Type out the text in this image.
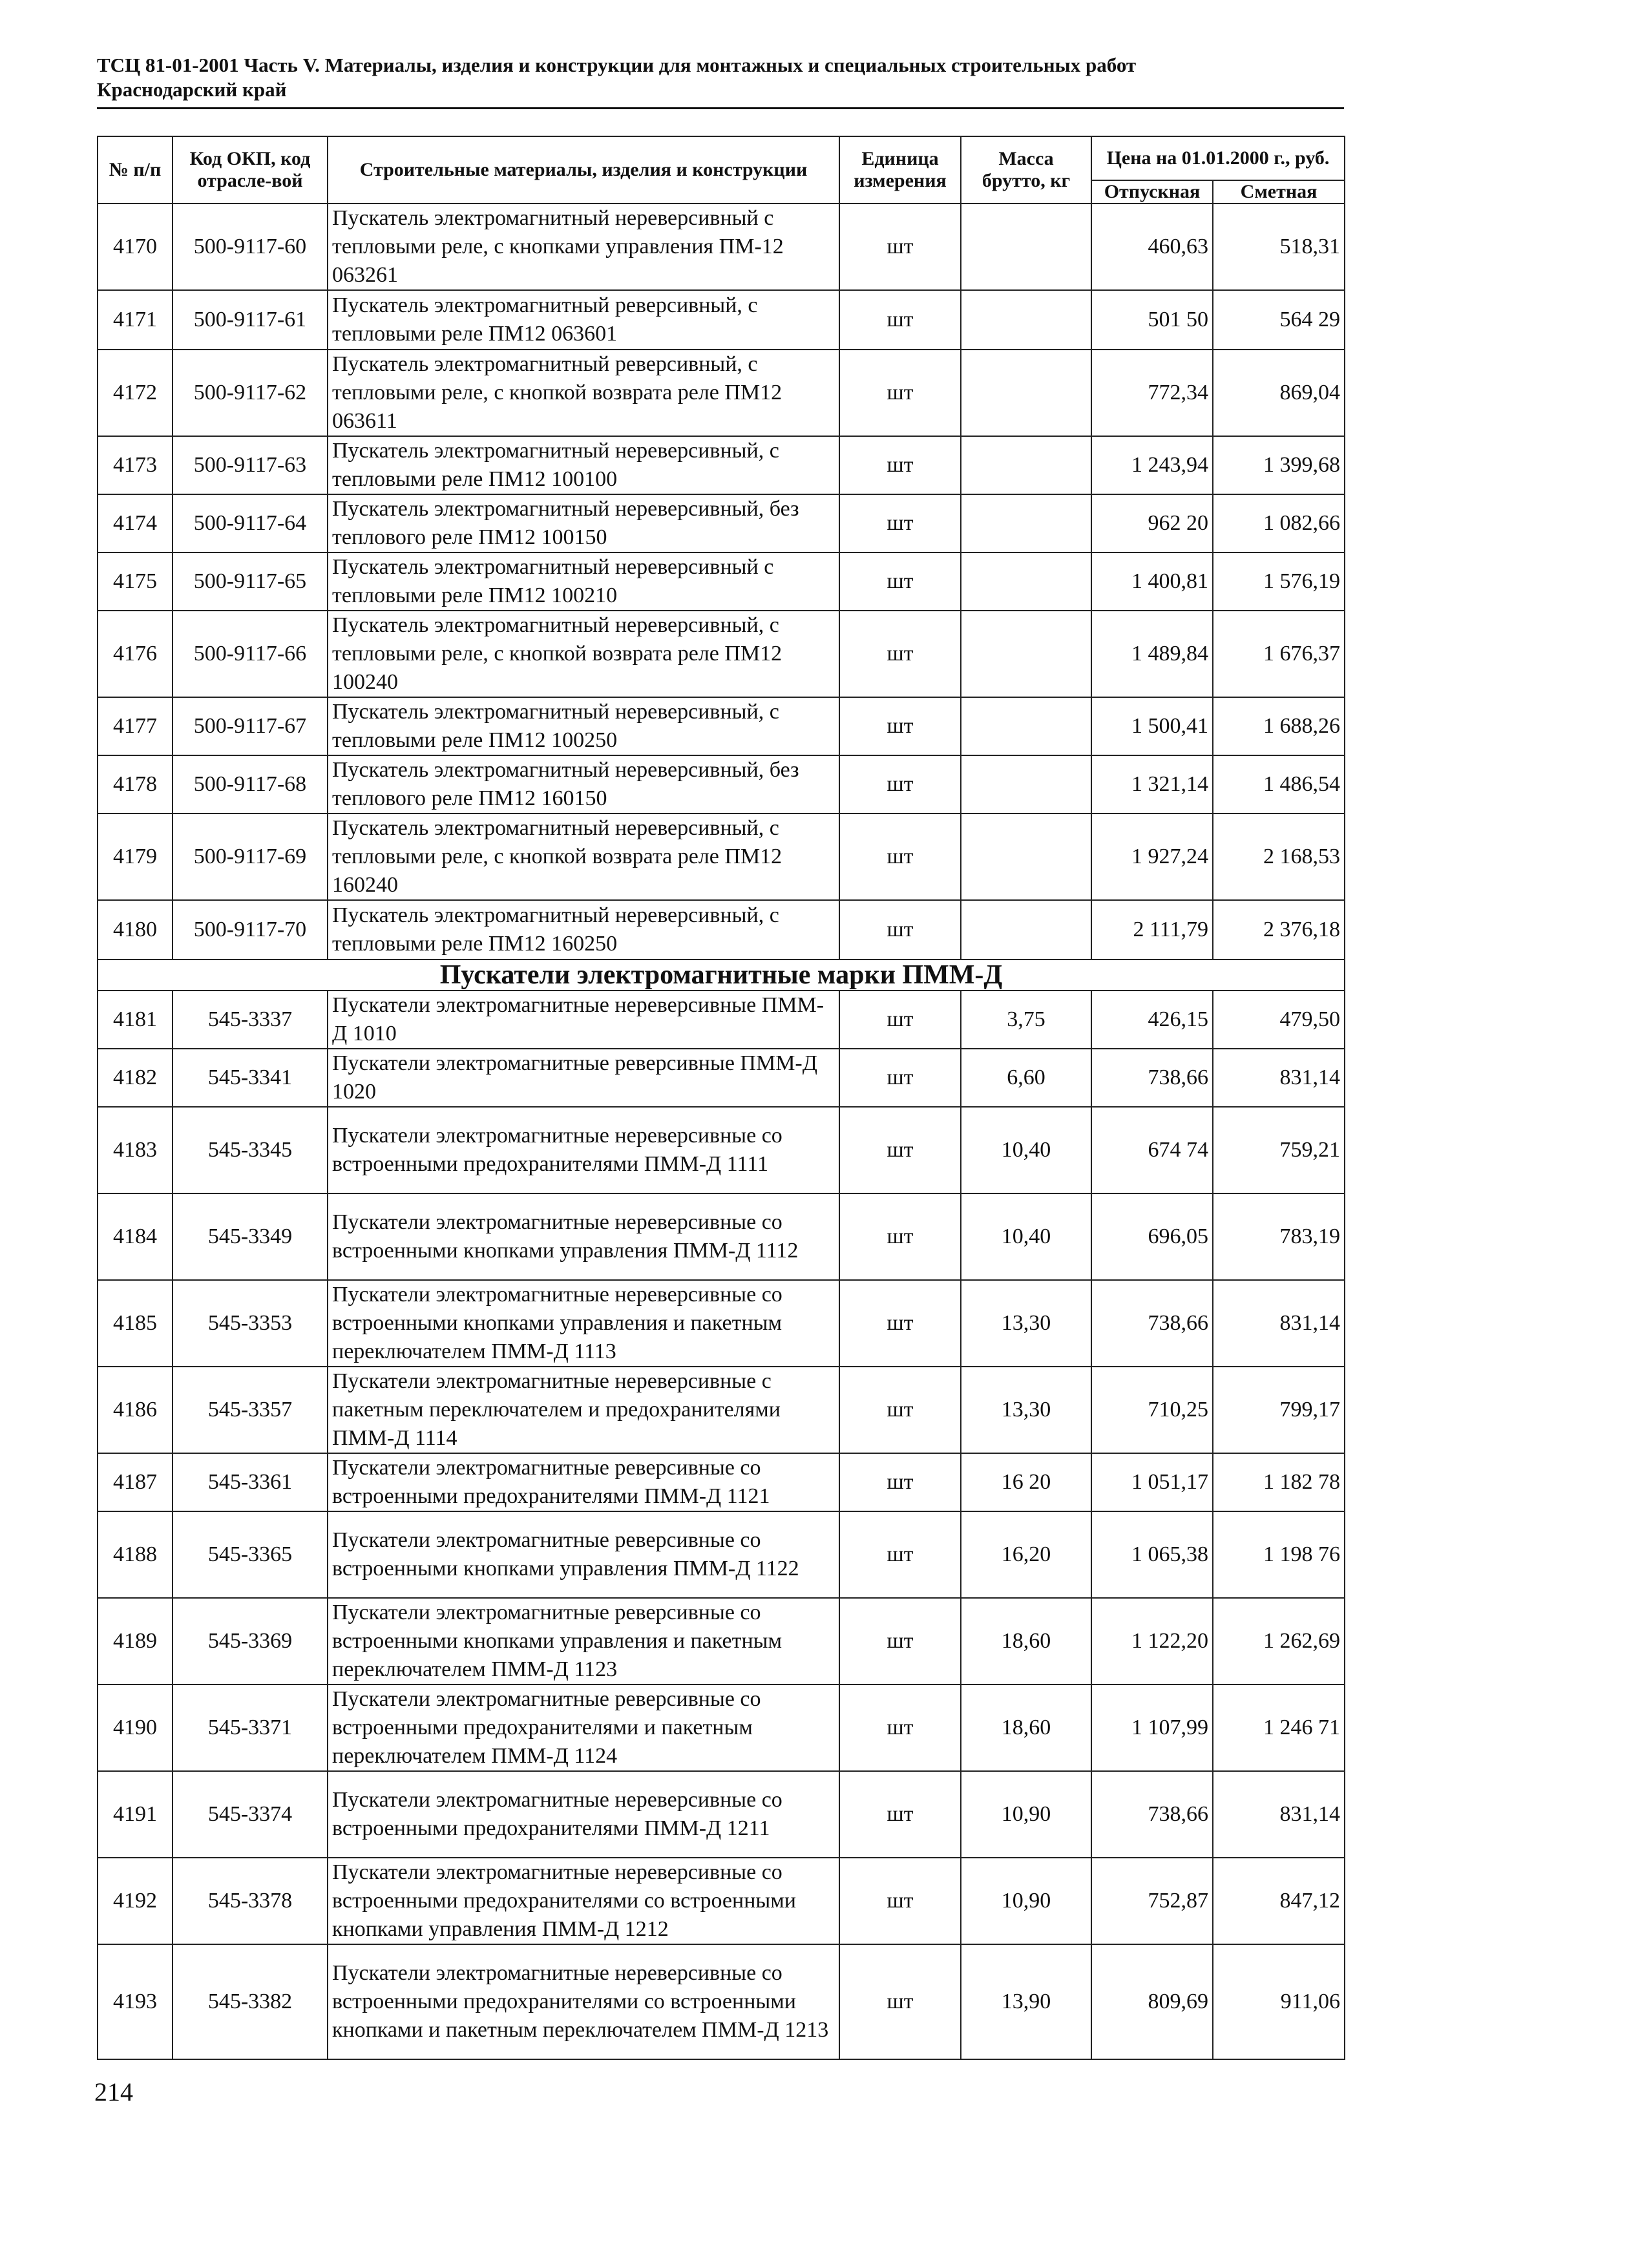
ТСЦ 81-01-2001 Часть V. Материалы, изделия и конструкции для монтажных и специальных строительных работ
Краснодарский край
№ п/п	Код ОКП, код отрасле-вой	Строительные материалы, изделия и конструкции	Единица измерения	Масса брутто, кг	Цена на 01.01.2000 г., руб.	
					Отпускная	Сметная
4170	500-9117-60	Пускатель электромагнитный нереверсивный с тепловыми реле, с кнопками управления ПМ-12 063261	шт		460,63	518,31
4171	500-9117-61	Пускатель электромагнитный реверсивный, с тепловыми реле ПМ12 063601	шт		501 50	564 29
4172	500-9117-62	Пускатель электромагнитный реверсивный, с тепловыми реле, с кнопкой возврата реле ПМ12 063611	шт		772,34	869,04
4173	500-9117-63	Пускатель электромагнитный нереверсивный, с тепловыми реле ПМ12 100100	шт		1 243,94	1 399,68
4174	500-9117-64	Пускатель электромагнитный нереверсивный, без теплового реле ПМ12 100150	шт		962 20	1 082,66
4175	500-9117-65	Пускатель электромагнитный нереверсивный с тепловыми реле ПМ12 100210	шт		1 400,81	1 576,19
4176	500-9117-66	Пускатель электромагнитный нереверсивный, с тепловыми реле, с кнопкой возврата реле ПМ12 100240	шт		1 489,84	1 676,37
4177	500-9117-67	Пускатель электромагнитный нереверсивный, с тепловыми реле ПМ12 100250	шт		1 500,41	1 688,26
4178	500-9117-68	Пускатель электромагнитный нереверсивный, без теплового реле ПМ12 160150	шт		1 321,14	1 486,54
4179	500-9117-69	Пускатель электромагнитный нереверсивный, с тепловыми реле, с кнопкой возврата реле ПМ12 160240	шт		1 927,24	2 168,53
4180	500-9117-70	Пускатель электромагнитный нереверсивный, с тепловыми реле ПМ12 160250	шт		2 111,79	2 376,18
Пускатели электромагнитные марки ПММ-Д						
4181	545-3337	Пускатели электромагнитные нереверсивные ПММ-Д 1010	шт	3,75	426,15	479,50
4182	545-3341	Пускатели электромагнитные реверсивные ПММ-Д 1020	шт	6,60	738,66	831,14
4183	545-3345	Пускатели электромагнитные нереверсивные со встроенными предохранителями ПММ-Д 1111	шт	10,40	674 74	759,21
4184	545-3349	Пускатели электромагнитные нереверсивные со встроенными кнопками управления ПММ-Д 1112	шт	10,40	696,05	783,19
4185	545-3353	Пускатели электромагнитные нереверсивные со встроенными кнопками управления и пакетным переключателем ПММ-Д 1113	шт	13,30	738,66	831,14
4186	545-3357	Пускатели электромагнитные нереверсивные с пакетным переключателем и предохранителями ПММ-Д 1114	шт	13,30	710,25	799,17
4187	545-3361	Пускатели электромагнитные реверсивные со встроенными предохранителями ПММ-Д 1121	шт	16 20	1 051,17	1 182 78
4188	545-3365	Пускатели электромагнитные реверсивные со встроенными кнопками управления ПММ-Д 1122	шт	16,20	1 065,38	1 198 76
4189	545-3369	Пускатели электромагнитные реверсивные со встроенными кнопками управления и пакетным переключателем ПММ-Д 1123	шт	18,60	1 122,20	1 262,69
4190	545-3371	Пускатели электромагнитные реверсивные со встроенными предохранителями и пакетным переключателем ПММ-Д 1124	шт	18,60	1 107,99	1 246 71
4191	545-3374	Пускатели электромагнитные нереверсивные со встроенными предохранителями ПММ-Д 1211	шт	10,90	738,66	831,14
4192	545-3378	Пускатели электромагнитные нереверсивные со встроенными предохранителями со встроенными кнопками управления ПММ-Д 1212	шт	10,90	752,87	847,12
4193	545-3382	Пускатели электромагнитные нереверсивные со встроенными предохранителями со встроенными кнопками и пакетным переключателем ПММ-Д 1213	шт	13,90	809,69	911,06
214
